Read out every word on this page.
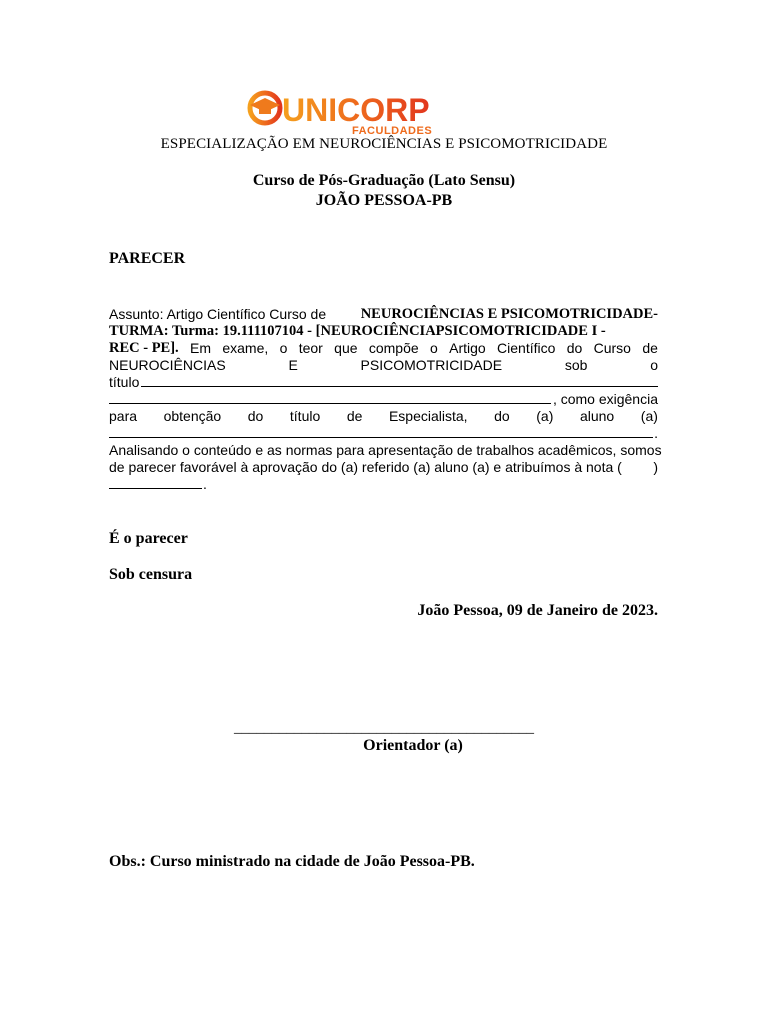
UNICORP
FACULDADES
ESPECIALIZAÇÃO EM NEUROCIÊNCIAS E PSICOMOTRICIDADE
Curso de Pós-Graduação (Lato Sensu)
JOÃO PESSOA-PB
PARECER
Assunto: Artigo Científico Curso de NEUROCIÊNCIAS E PSICOMOTRICIDADE-
TURMA: Turma: 19.111107104 - [NEUROCIÊNCIAPSICOMOTRICIDADE I -
REC - PE]. Em exame, o teor que compõe o Artigo Científico do Curso de
NEUROCIÊNCIAS	E	PSICOMOTRICIDADE	sob	o
título
, como exigência
para obtenção do título de Especialista, do (a) aluno (a)
.
Analisando o conteúdo e as normas para apresentação de trabalhos acadêmicos, somos
de parecer favorável à aprovação do (a) referido (a) aluno (a) e atribuímos à nota ( )
.
É o parecer
Sob censura
João Pessoa, 09 de Janeiro de 2023.
________________________________________
Orientador (a)
Obs.: Curso ministrado na cidade de João Pessoa-PB.
